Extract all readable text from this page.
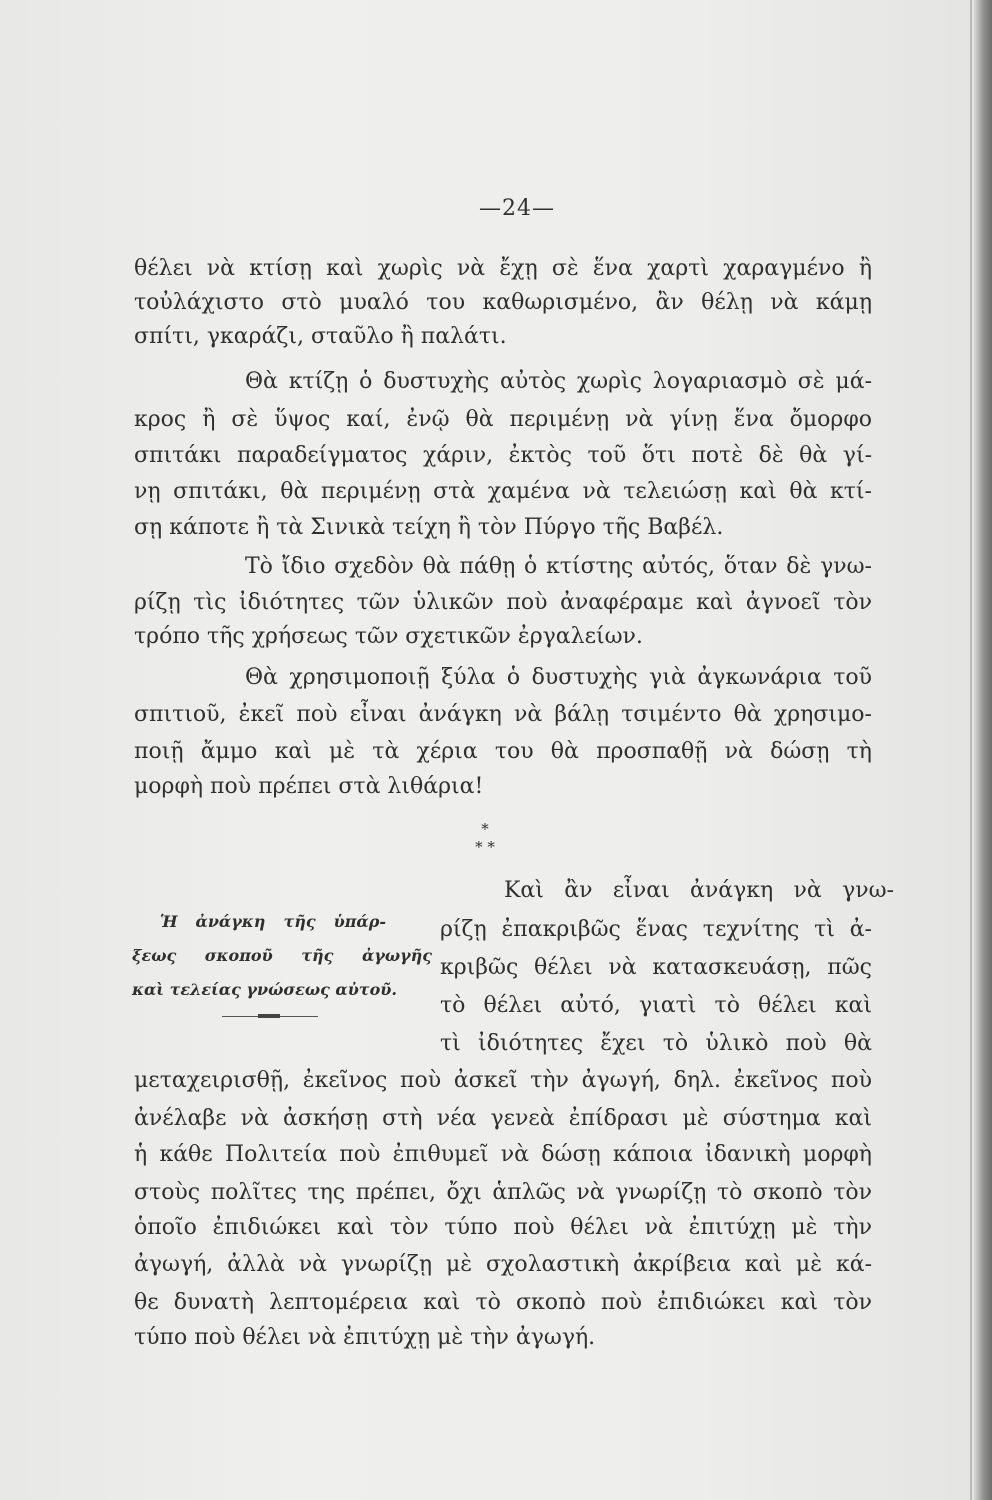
—24—
θέλει νὰ κτίσῃ καὶ χωρὶς νὰ ἔχῃ σὲ ἕνα χαρτὶ χαραγμένο ἢ
τοὐλάχιστο στὸ μυαλό του καθωρισμένο, ἂν θέλῃ νὰ κάμῃ
σπίτι, γκαράζι, σταῦλο ἢ παλάτι.
Θὰ κτίζῃ ὁ δυστυχὴς αὐτὸς χωρὶς λογαριασμὸ σὲ μά-
κρος ἢ σὲ ὕψος καί, ἐνῷ θὰ περιμένῃ νὰ γίνῃ ἕνα ὄμορφο
σπιτάκι παραδείγματος χάριν, ἐκτὸς τοῦ ὅτι ποτὲ δὲ θὰ γί-
νῃ σπιτάκι, θὰ περιμένῃ στὰ χαμένα νὰ τελειώσῃ καὶ θὰ κτί-
σῃ κάποτε ἢ τὰ Σινικὰ τείχη ἢ τὸν Πύργο τῆς Βαβέλ.
Τὸ ἴδιο σχεδὸν θὰ πάθῃ ὁ κτίστης αὐτός, ὅταν δὲ γνω-
ρίζῃ τὶς ἰδιότητες τῶν ὑλικῶν ποὺ ἀναφέραμε καὶ ἀγνοεῖ τὸν
τρόπο τῆς χρήσεως τῶν σχετικῶν ἐργαλείων.
Θὰ χρησιμοποιῇ ξύλα ὁ δυστυχὴς γιὰ ἀγκωνάρια τοῦ
σπιτιοῦ, ἐκεῖ ποὺ εἶναι ἀνάγκη νὰ βάλῃ τσιμέντο θὰ χρησιμο-
ποιῇ ἄμμο καὶ μὲ τὰ χέρια του θὰ προσπαθῇ νὰ δώσῃ τὴ
μορφὴ ποὺ πρέπει στὰ λιθάρια!
*
* *
Ἡ ἀνάγκη τῆς ὑπάρ-
ξεως σκοποῦ τῆς ἀγωγῆς
καὶ τελείας γνώσεως αὐτοῦ.
Καὶ ἂν εἶναι ἀνάγκη νὰ γνω-
ρίζῃ ἐπακριβῶς ἕνας τεχνίτης τὶ ἀ-
κριβῶς θέλει νὰ κατασκευάσῃ, πῶς
τὸ θέλει αὐτό, γιατὶ τὸ θέλει καὶ
τὶ ἰδιότητες ἔχει τὸ ὑλικὸ ποὺ θὰ
μεταχειρισθῇ, ἐκεῖνος ποὺ ἀσκεῖ τὴν ἀγωγή, δηλ. ἐκεῖνος ποὺ
ἀνέλαβε νὰ ἀσκήσῃ στὴ νέα γενεὰ ἐπίδρασι μὲ σύστημα καὶ
ἡ κάθε Πολιτεία ποὺ ἐπιθυμεῖ νὰ δώσῃ κάποια ἰδανικὴ μορφὴ
στοὺς πολῖτες της πρέπει, ὄχι ἁπλῶς νὰ γνωρίζῃ τὸ σκοπὸ τὸν
ὁποῖο ἐπιδιώκει καὶ τὸν τύπο ποὺ θέλει νὰ ἐπιτύχῃ μὲ τὴν
ἀγωγή, ἀλλὰ νὰ γνωρίζῃ μὲ σχολαστικὴ ἀκρίβεια καὶ μὲ κά-
θε δυνατὴ λεπτομέρεια καὶ τὸ σκοπὸ ποὺ ἐπιδιώκει καὶ τὸν
τύπο ποὺ θέλει νὰ ἐπιτύχῃ μὲ τὴν ἀγωγή.
